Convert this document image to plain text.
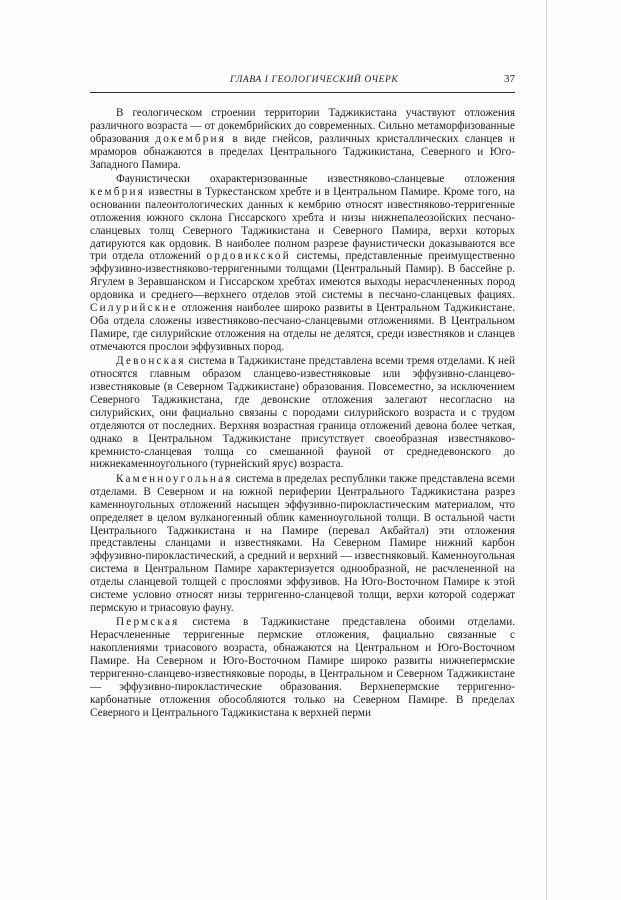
ГЛАВА I ГЕОЛОГИЧЕСКИЙ ОЧЕРК	37

В геологическом строении территории Таджикистана участвуют отложения различного возраста — от докембрийских до современных. Сильно метаморфизованные образования докембрия в виде гнейсов, различных кристаллических сланцев и мраморов обнажаются в пределах Центрального Таджикистана, Северного и Юго-Западного Памира.

Фаунистически охарактеризованные известняково-сланцевые отложения кембрия известны в Туркестанском хребте и в Центральном Памире. Кроме того, на основании палеонтологических данных к кембрию относят известняково-терригенные отложения южного склона Гиссарского хребта и низы нижнепалеозойских песчано-сланцевых толщ Северного Таджикистана и Северного Памира, верхи которых датируются как ордовик. В наиболее полном разрезе фаунистически доказываются все три отдела отложений ордовикской системы, представленные преимущественно эффузивно-известняково-терригенными толщами (Центральный Памир). В бассейне р. Ягулем в Зеравшанском и Гиссарском хребтах имеются выходы нерасчлененных пород ордовика и среднего—верхнего отделов этой системы в песчано-сланцевых фациях. Силурийские отложения наиболее широко развиты в Центральном Таджикистане. Оба отдела сложены известняково-песчано-сланцевыми отложениями. В Центральном Памире, где силурийские отложения на отделы не делятся, среди известняков и сланцев отмечаются прослои эффузивных пород.

Девонская система в Таджикистане представлена всеми тремя отделами. К ней относятся главным образом сланцево-известняковые или эффузивно-сланцево-известняковые (в Северном Таджикистане) образования. Повсеместно, за исключением Северного Таджикистана, где девонские отложения залегают несогласно на силурийских, они фациально связаны с породами силурийского возраста и с трудом отделяются от последних. Верхняя возрастная граница отложений девона более четкая, однако в Центральном Таджикистане присутствует своеобразная известняково-кремнисто-сланцевая толща со смешанной фауной от среднедевонского до нижнекаменноугольного (турнейский ярус) возраста.

Каменноугольная система в пределах республики также представлена всеми отделами. В Северном и на южной периферии Центрального Таджикистана разрез каменноугольных отложений насыщен эффузивно-пирокластическим материалом, что определяет в целом вулканогенный облик каменноугольной толщи. В остальной части Центрального Таджикистана и на Памире (перевал Акбайтал) эти отложения представлены сланцами и известняками. На Северном Памире нижний карбон эффузивно-пирокластический, а средний и верхний — известняковый. Каменноугольная система в Центральном Памире характеризуется однообразной, не расчлененной на отделы сланцевой толщей с прослоями эффузивов. На Юго-Восточном Памире к этой системе условно относят низы терригенно-сланцевой толщи, верхи которой содержат пермскую и триасовую фауну.

Пермская система в Таджикистане представлена обоими отделами. Нерасчлененные терригенные пермские отложения, фациально связанные с накоплениями триасового возраста, обнажаются на Центральном и Юго-Восточном Памире. На Северном и Юго-Восточном Памире широко развиты нижнепермские терригенно-сланцево-известняковые породы, в Центральном и Северном Таджикистане — эффузивно-пирокластические образования. Верхнепермские терригенно-карбонатные отложения обособляются только на Северном Памире. В пределах Северного и Центрального Таджикистана к верхней перми
